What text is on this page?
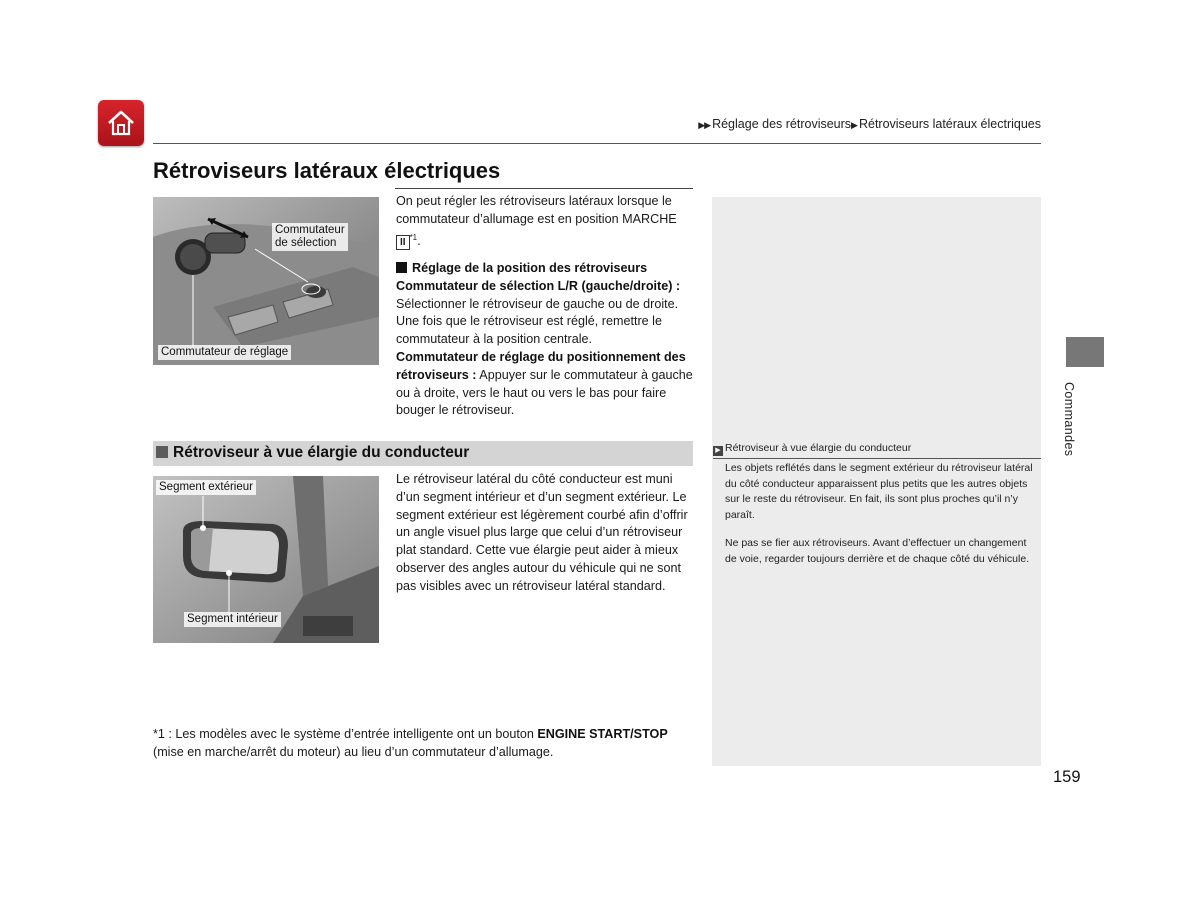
▶▶ Réglage des rétroviseurs▶ Rétroviseurs latéraux électriques
Rétroviseurs latéraux électriques
Commutateur
de sélection
Commutateur de réglage
On peut régler les rétroviseurs latéraux lorsque le commutateur d’allumage est en position MARCHE
II $^{*1}$.
Réglage de la position des rétroviseurs
Commutateur de sélection L/R (gauche/droite) :
Sélectionner le rétroviseur de gauche ou de droite. Une fois que le rétroviseur est réglé, remettre le commutateur à la position centrale.
Commutateur de réglage du positionnement des rétroviseurs : Appuyer sur le commutateur à gauche ou à droite, vers le haut ou vers le bas pour faire bouger le rétroviseur.
Rétroviseur à vue élargie du conducteur
Segment extérieur
Segment intérieur
Le rétroviseur latéral du côté conducteur est muni d’un segment intérieur et d’un segment extérieur. Le segment extérieur est légèrement courbé afin d’offrir un angle visuel plus large que celui d’un rétroviseur plat standard. Cette vue élargie peut aider à mieux observer des angles autour du véhicule qui ne sont pas visibles avec un rétroviseur latéral standard.
*1 : Les modèles avec le système d’entrée intelligente ont un bouton ENGINE START/STOP
(mise en marche/arrêt du moteur) au lieu d’un commutateur d’allumage.
▶ Rétroviseur à vue élargie du conducteur
Les objets reflétés dans le segment extérieur du rétroviseur latéral du côté conducteur apparaissent plus petits que les autres objets sur le reste du rétroviseur. En fait, ils sont plus proches qu’il n’y paraît.
Ne pas se fier aux rétroviseurs. Avant d’effectuer un changement de voie, regarder toujours derrière et de chaque côté du véhicule.
Commandes
159
